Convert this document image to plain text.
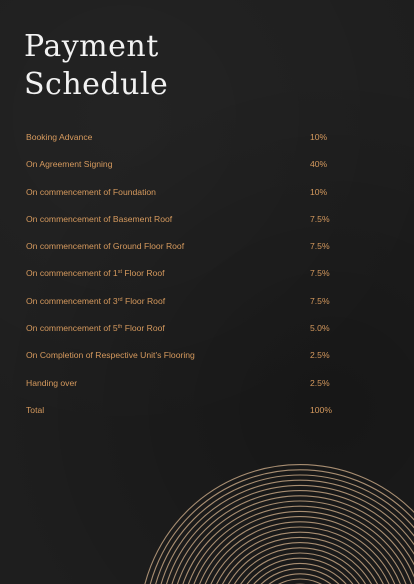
Payment
Schedule
Booking Advance	10%
On Agreement Signing	40%
On commencement of Foundation	10%
On commencement of Basement Roof	7.5%
On commencement of Ground Floor Roof	7.5%
On commencement of 1st Floor Roof	7.5%
On commencement of 3rd Floor Roof	7.5%
On commencement of 5th Floor Roof	5.0%
On Completion of Respective Unit's Flooring	2.5%
Handing over	2.5%
Total	100%
